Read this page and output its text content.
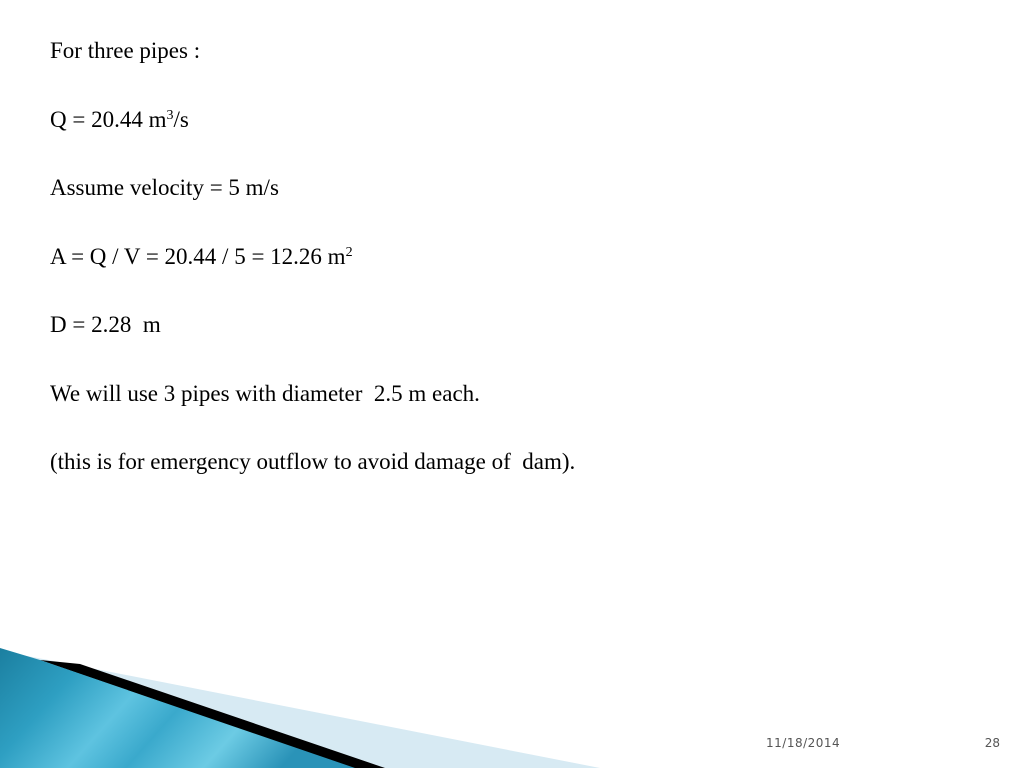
For three pipes :
Q = 20.44 $m^3/s$
Assume velocity = 5 m/s
A = Q / V = 20.44 / 5 = 12.26 $m^2$
D = 2.28  m
We will use 3 pipes with diameter  2.5 m each.
(this is for emergency outflow to avoid damage of  dam).
11/18/2014	28
